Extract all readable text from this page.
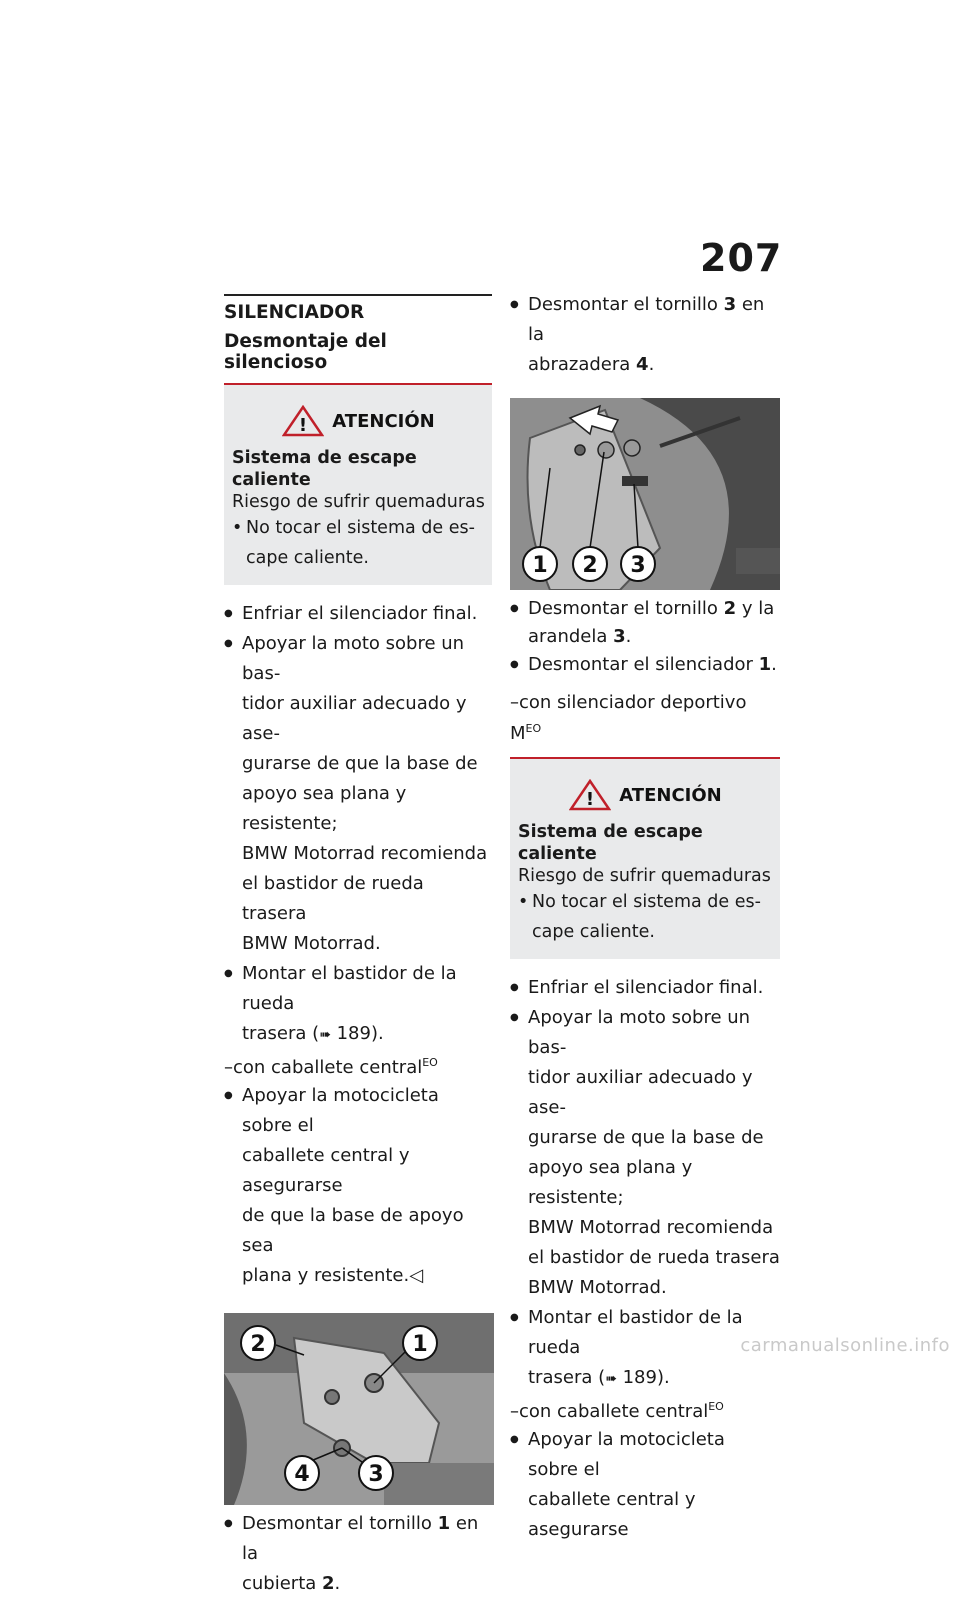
207
SILENCIADOR
Desmontaje del silencioso
! ATENCIÓN
Sistema de escape caliente
Riesgo de sufrir quemaduras
• No tocar el sistema de es-
cape caliente.
● Enfriar el silenciador final.
● Apoyar la moto sobre un bas-
tidor auxiliar adecuado y ase-
gurarse de que la base de
apoyo sea plana y resistente;
BMW Motorrad recomienda
el bastidor de rueda trasera
BMW Motorrad.
● Montar el bastidor de la rueda
trasera (➠ 189).
–con caballete central$^{EO}$
● Apoyar la motocicleta sobre el
caballete central y asegurarse
de que la base de apoyo sea
plana y resistente.◁
2	1
4	3
● Desmontar el tornillo 1 en la
cubierta 2.
● Desmontar el tornillo 3 en la
abrazadera 4.
1 2 3
● Desmontar el tornillo 2 y la
arandela 3.
● Desmontar el silenciador 1.
–con silenciador deportivo $M^{EO}$
! ATENCIÓN
Sistema de escape caliente
Riesgo de sufrir quemaduras
• No tocar el sistema de es-
cape caliente.
● Enfriar el silenciador final.
● Apoyar la moto sobre un bas-
tidor auxiliar adecuado y ase-
gurarse de que la base de
apoyo sea plana y resistente;
BMW Motorrad recomienda
el bastidor de rueda trasera
BMW Motorrad.
● Montar el bastidor de la rueda
trasera (➠ 189).
–con caballete central$^{EO}$
● Apoyar la motocicleta sobre el
caballete central y asegurarse
carmanualsonline.info
